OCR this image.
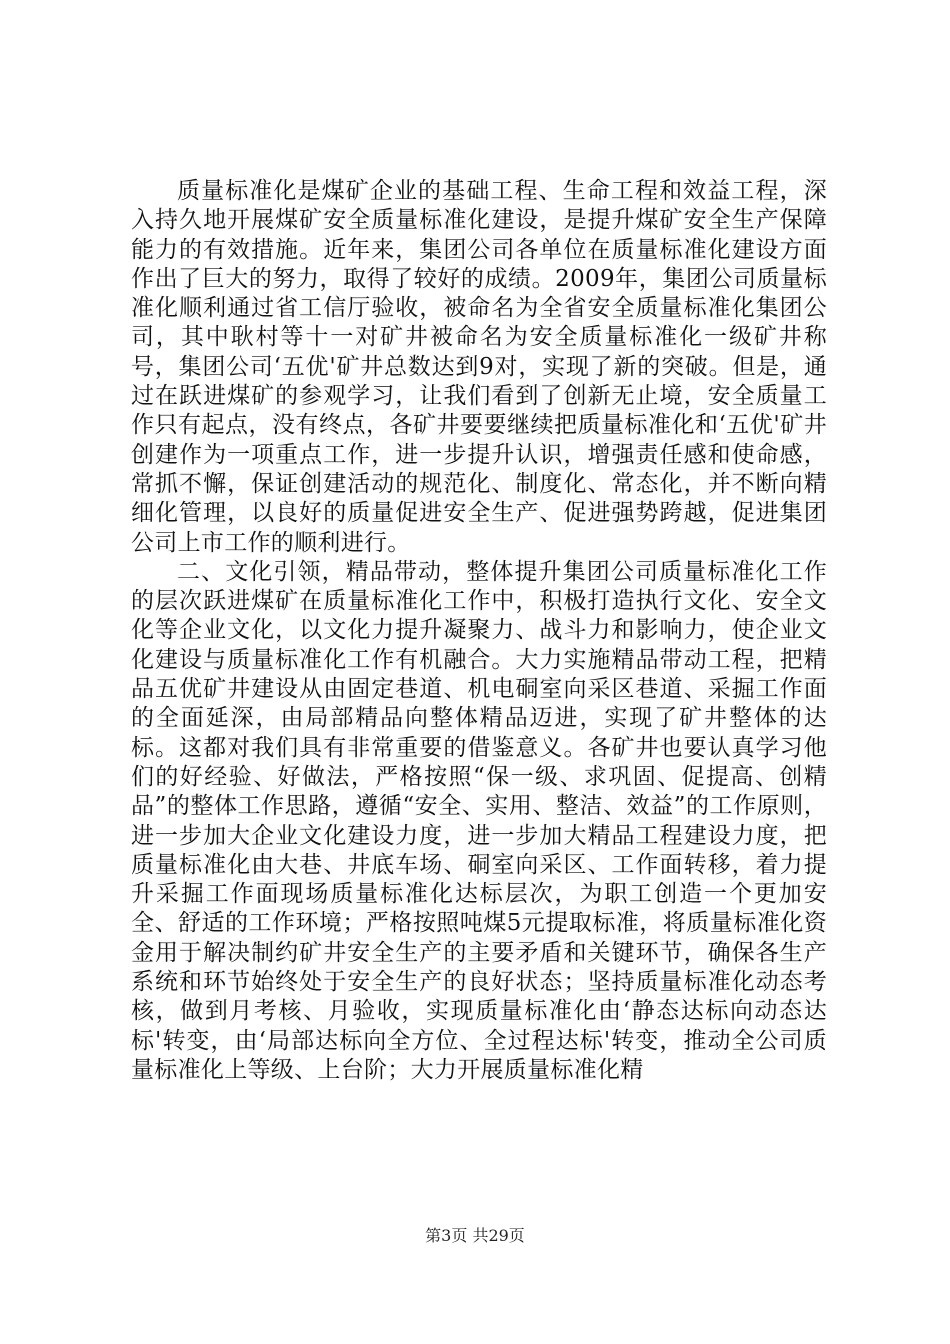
质量标准化是煤矿企业的基础工程、生命工程和效益工程，深入持久地开展煤矿安全质量标准化建设，是提升煤矿安全生产保障能力的有效措施。近年来，集团公司各单位在质量标准化建设方面作出了巨大的努力，取得了较好的成绩。2009年，集团公司质量标准化顺利通过省工信厅验收，被命名为全省安全质量标准化集团公司，其中耿村等十一对矿井被命名为安全质量标准化一级矿井称号，集团公司‘五优'矿井总数达到9对，实现了新的突破。但是，通过在跃进煤矿的参观学习，让我们看到了创新无止境，安全质量工作只有起点，没有终点，各矿井要要继续把质量标准化和‘五优'矿井创建作为一项重点工作，进一步提升认识，增强责任感和使命感，常抓不懈，保证创建活动的规范化、制度化、常态化，并不断向精细化管理，以良好的质量促进安全生产、促进强势跨越，促进集团公司上市工作的顺利进行。

二、文化引领，精品带动，整体提升集团公司质量标准化工作的层次跃进煤矿在质量标准化工作中，积极打造执行文化、安全文化等企业文化，以文化力提升凝聚力、战斗力和影响力，使企业文化建设与质量标准化工作有机融合。大力实施精品带动工程，把精品五优矿井建设从由固定巷道、机电硐室向采区巷道、采掘工作面的全面延深，由局部精品向整体精品迈进，实现了矿井整体的达标。这都对我们具有非常重要的借鉴意义。各矿井也要认真学习他们的好经验、好做法，严格按照“保一级、求巩固、促提高、创精品”的整体工作思路，遵循“安全、实用、整洁、效益”的工作原则，进一步加大企业文化建设力度，进一步加大精品工程建设力度，把质量标准化由大巷、井底车场、硐室向采区、工作面转移，着力提升采掘工作面现场质量标准化达标层次，为职工创造一个更加安全、舒适的工作环境；严格按照吨煤5元提取标准，将质量标准化资金用于解决制约矿井安全生产的主要矛盾和关键环节，确保各生产系统和环节始终处于安全生产的良好状态；坚持质量标准化动态考核，做到月考核、月验收，实现质量标准化由‘静态达标向动态达标'转变，由‘局部达标向全方位、全过程达标'转变，推动全公司质量标准化上等级、上台阶；大力开展质量标准化精

第3页 共29页
